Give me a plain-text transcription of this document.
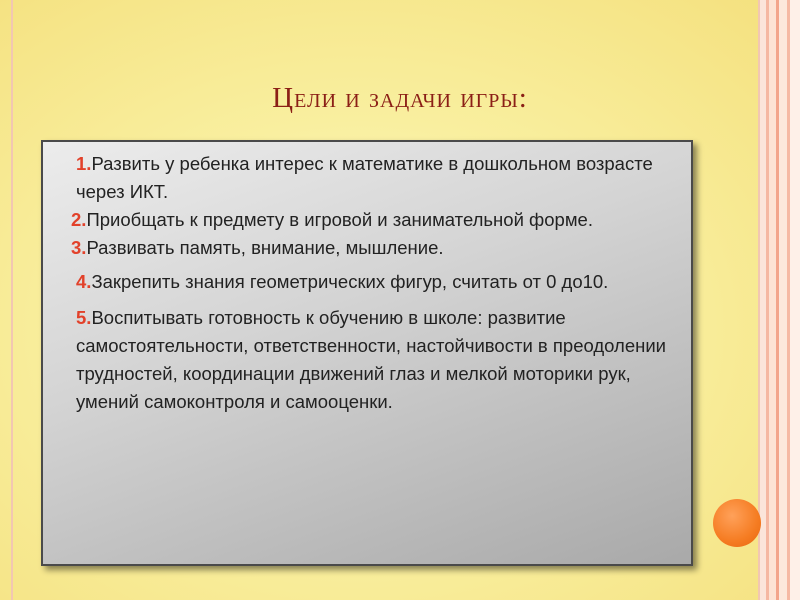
Цели и задачи игры:

1.Развить у ребенка интерес к математике в дошкольном возрасте через ИКТ.

2.Приобщать к предмету в игровой и занимательной форме.

3.Развивать память, внимание, мышление.

4.Закрепить знания геометрических фигур, считать от 0 до10.

5.Воспитывать готовность к обучению в школе: развитие самостоятельности, ответственности, настойчивости в преодолении трудностей, координации движений глаз и мелкой моторики рук, умений самоконтроля и самооценки.
